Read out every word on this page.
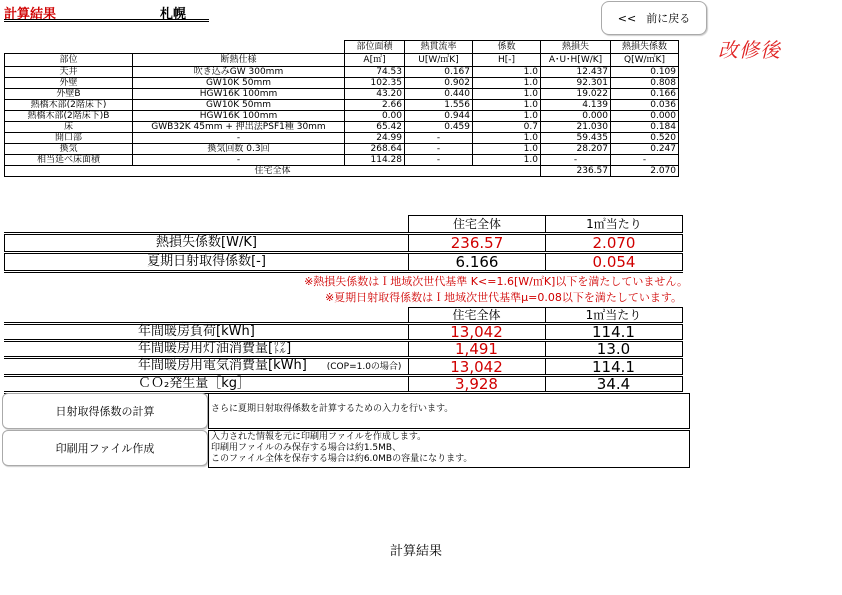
計算結果	札幌	<< 前に戻る
改修後
		部位面積	熱貫流率	係数	熱損失	熱損失係数
部位	断熱仕様	A[㎡]	U[W/㎡K]	H[-]	A･U･H[W/K]	Q[W/㎡K]
天井	吹き込みGW 300mm	74.53	0.167	1.0	12.437	0.109
外壁	GW10K 50mm	102.35	0.902	1.0	92.301	0.808
外壁B	HGW16K 100mm	43.20	0.440	1.0	19.022	0.166
熱橋木部(2階床下)	GW10K 50mm	2.66	1.556	1.0	4.139	0.036
熱橋木部(2階床下)B	HGW16K 100mm	0.00	0.944	1.0	0.000	0.000
床	GWB32K 45mm + 押出法PSF1種 30mm	65.42	0.459	0.7	21.030	0.184
開口部	-	24.99	-	1.0	59.435	0.520
換気	換気回数 0.3回	268.64	-	1.0	28.207	0.247
相当延べ床面積	-	114.28	-	1.0	-	-
住宅全体					236.57	2.070
	住宅全体	1㎡当たり
熱損失係数[W/K]	236.57	2.070
夏期日射取得係数[-]	6.166	0.054
※熱損失係数はＩ地域次世代基準 K<=1.6[W/㎡K]以下を満たしていません。
※夏期日射取得係数はＩ地域次世代基準μ=0.08以下を満たしています。
	住宅全体	1㎡当たり
年間暖房負荷[kWh]	13,042	114.1
年間暖房用灯油消費量[㍑]	1,491	13.0
年間暖房用電気消費量[kWh] (COP=1.0の場合)	13,042	114.1
ＣＯ₂発生量［kg］	3,928	34.4
日射取得係数の計算	さらに夏期日射取得係数を計算するための入力を行います。
印刷用ファイル作成
入力された情報を元に印刷用ファイルを作成します。
印刷用ファイルのみ保存する場合は約1.5MB、
このファイル全体を保存する場合は約6.0MBの容量になります。
計算結果
